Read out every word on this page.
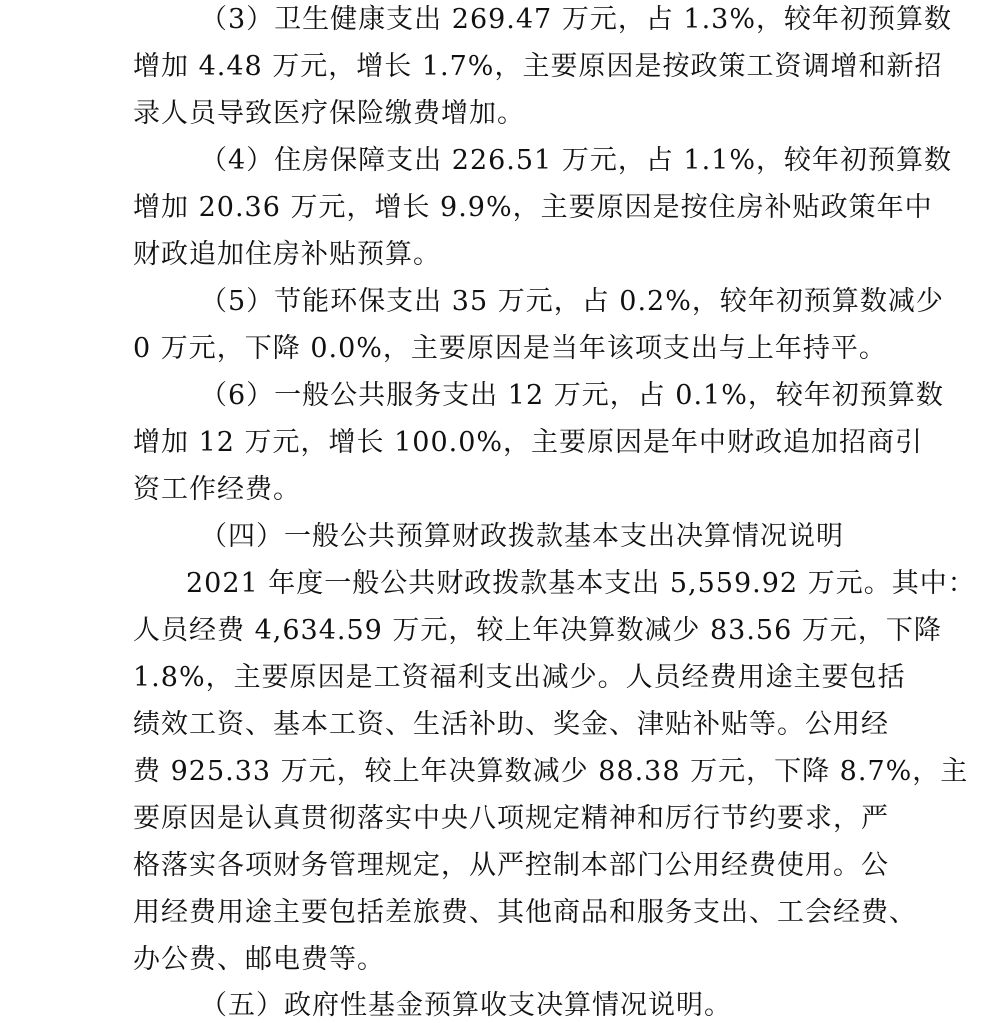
（3）卫生健康支出 269.47 万元，占 1.3%，较年初预算数
增加 4.48 万元，增长 1.7%，主要原因是按政策工资调增和新招
录人员导致医疗保险缴费增加。
（4）住房保障支出 226.51 万元，占 1.1%，较年初预算数
增加 20.36 万元，增长 9.9%，主要原因是按住房补贴政策年中
财政追加住房补贴预算。
（5）节能环保支出 35 万元，占 0.2%，较年初预算数减少
0 万元，下降 0.0%，主要原因是当年该项支出与上年持平。
（6）一般公共服务支出 12 万元，占 0.1%，较年初预算数
增加 12 万元，增长 100.0%，主要原因是年中财政追加招商引
资工作经费。
（四）一般公共预算财政拨款基本支出决算情况说明
2021 年度一般公共财政拨款基本支出 5,559.92 万元。其中：
人员经费 4,634.59 万元，较上年决算数减少 83.56 万元，下降
1.8%，主要原因是工资福利支出减少。人员经费用途主要包括
绩效工资、基本工资、生活补助、奖金、津贴补贴等。公用经
费 925.33 万元，较上年决算数减少 88.38 万元，下降 8.7%，主
要原因是认真贯彻落实中央八项规定精神和厉行节约要求，严
格落实各项财务管理规定，从严控制本部门公用经费使用。公
用经费用途主要包括差旅费、其他商品和服务支出、工会经费、
办公费、邮电费等。
（五）政府性基金预算收支决算情况说明。
